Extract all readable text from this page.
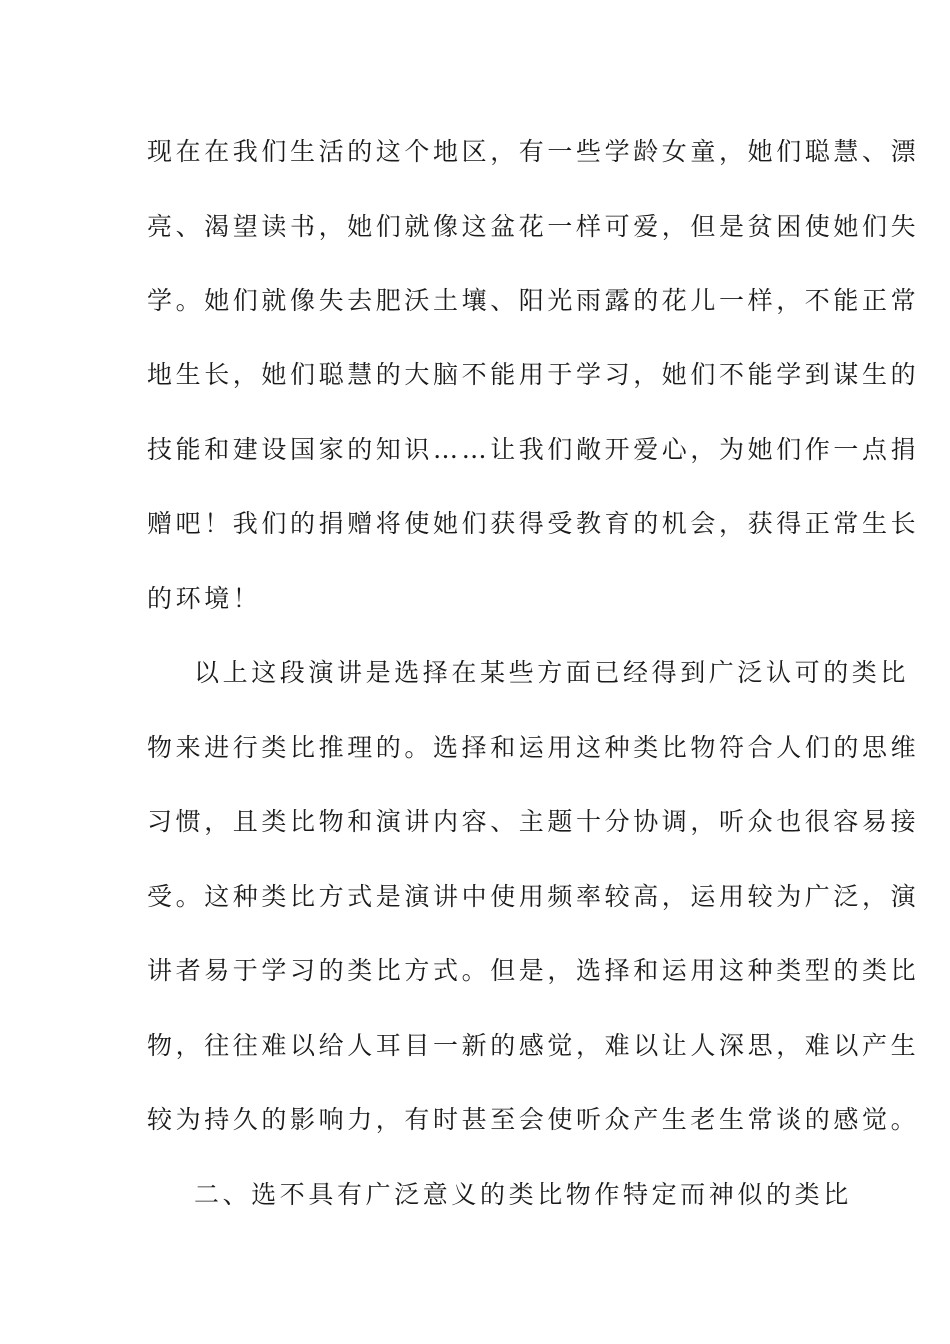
现在在我们生活的这个地区，有一些学龄女童，她们聪慧、漂
亮、渴望读书，她们就像这盆花一样可爱，但是贫困使她们失
学。她们就像失去肥沃土壤、阳光雨露的花儿一样，不能正常
地生长，她们聪慧的大脑不能用于学习，她们不能学到谋生的
技能和建设国家的知识……让我们敞开爱心，为她们作一点捐
赠吧！我们的捐赠将使她们获得受教育的机会，获得正常生长
的环境！
以上这段演讲是选择在某些方面已经得到广泛认可的类比
物来进行类比推理的。选择和运用这种类比物符合人们的思维
习惯，且类比物和演讲内容、主题十分协调，听众也很容易接
受。这种类比方式是演讲中使用频率较高，运用较为广泛，演
讲者易于学习的类比方式。但是，选择和运用这种类型的类比
物，往往难以给人耳目一新的感觉，难以让人深思，难以产生
较为持久的影响力，有时甚至会使听众产生老生常谈的感觉。
二、选不具有广泛意义的类比物作特定而神似的类比
